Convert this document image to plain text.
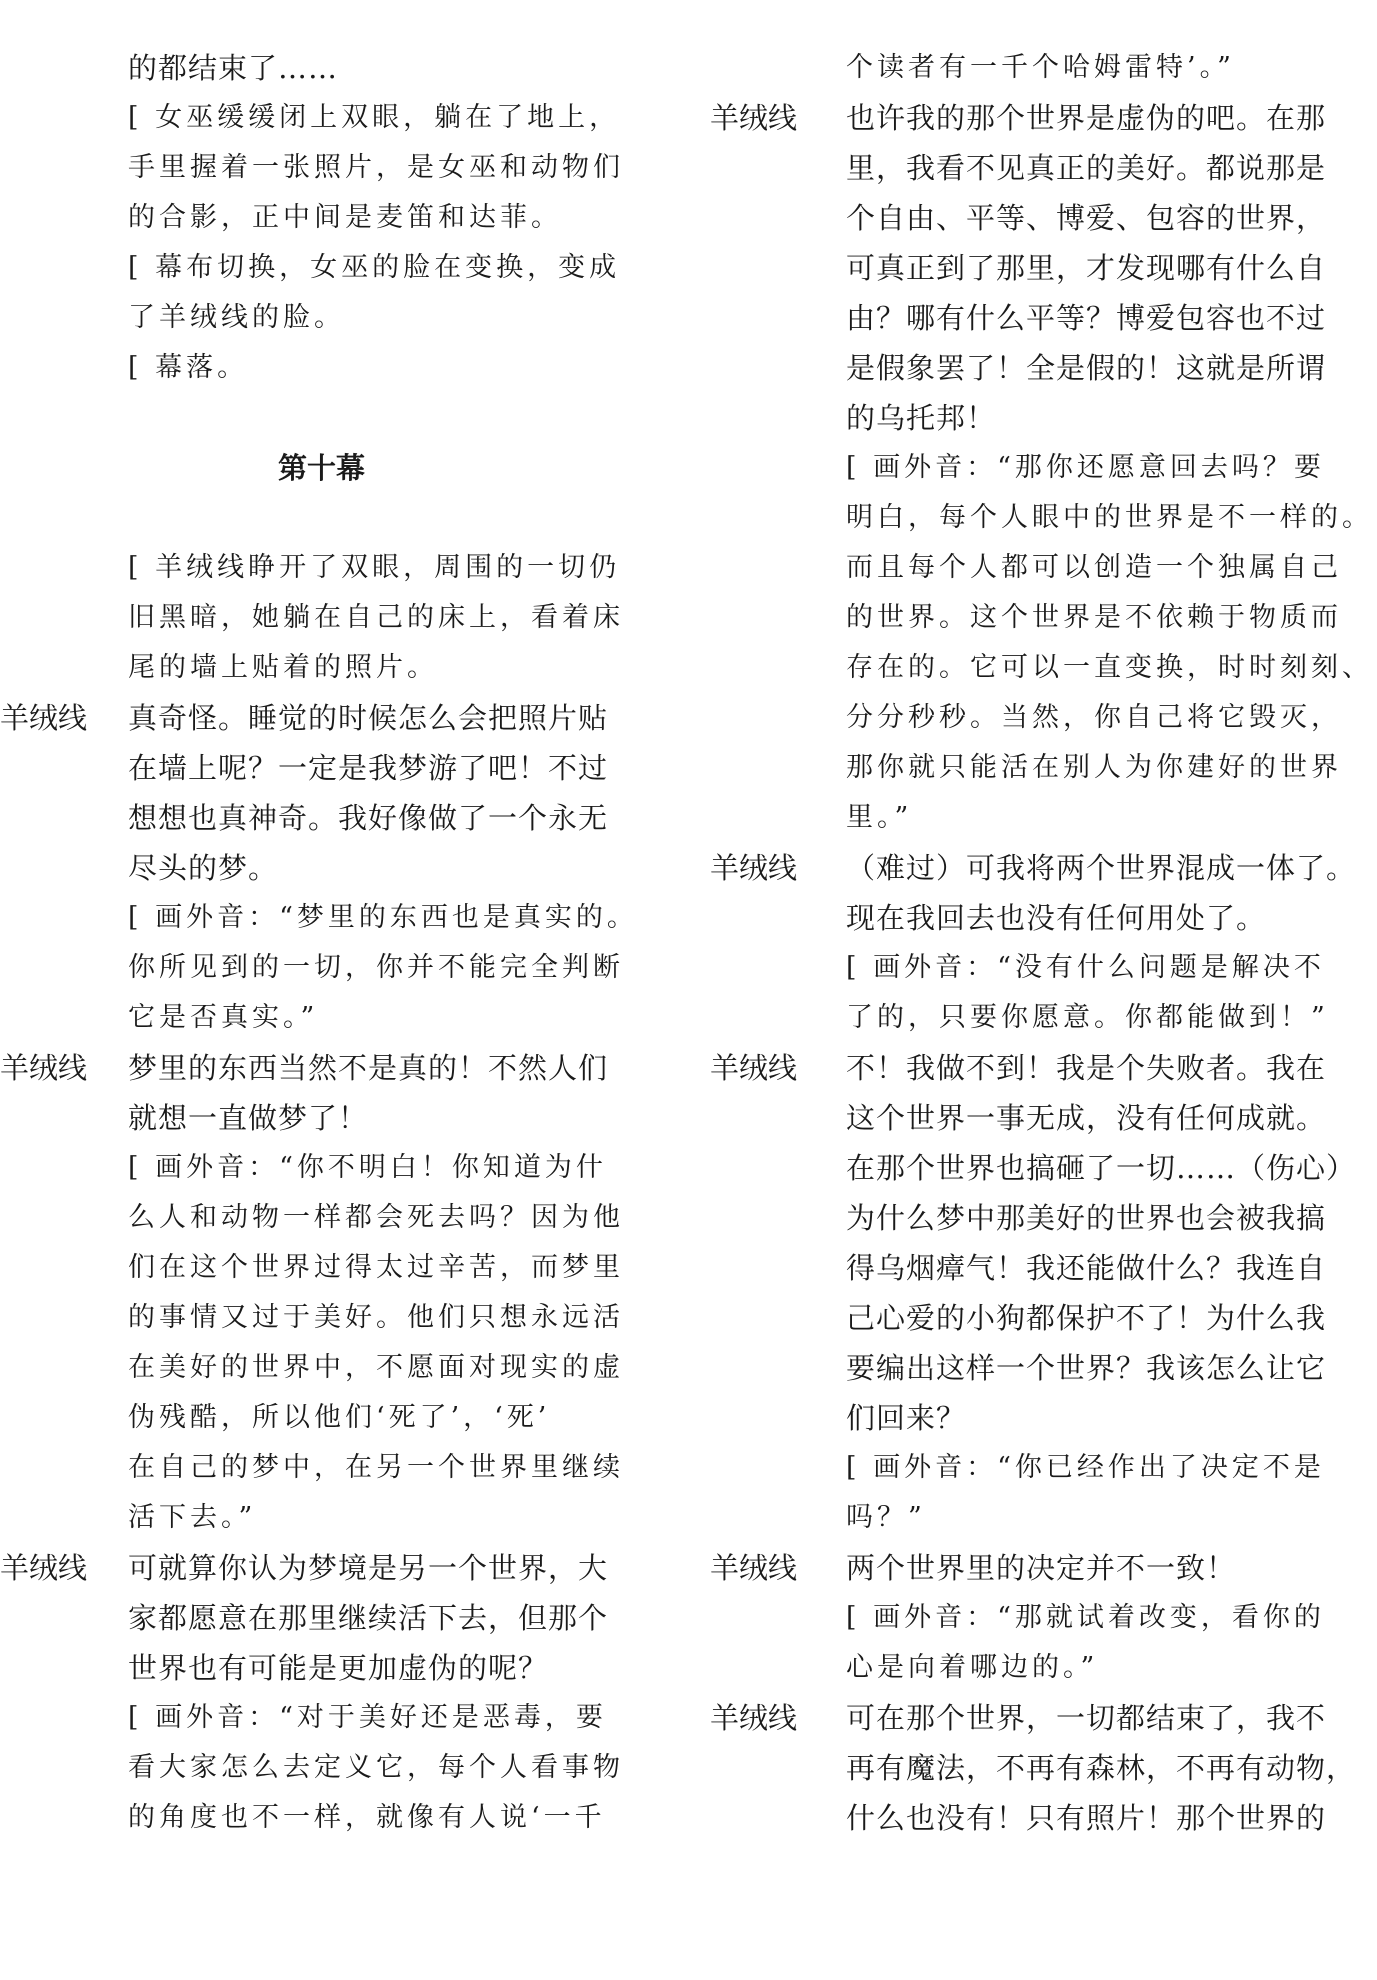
的都结束了……
[ 女巫缓缓闭上双眼，躺在了地上，
手里握着一张照片，是女巫和动物们
的合影，正中间是麦笛和达菲。
[ 幕布切换，女巫的脸在变换，变成
了羊绒线的脸。
[ 幕落。
第十幕
[ 羊绒线睁开了双眼，周围的一切仍
旧黑暗，她躺在自己的床上，看着床
尾的墙上贴着的照片。
羊绒线 真奇怪。睡觉的时候怎么会把照片贴
在墙上呢？一定是我梦游了吧！不过
想想也真神奇。我好像做了一个永无
尽头的梦。
[ 画外音：“梦里的东西也是真实的。
你所见到的一切，你并不能完全判断
它是否真实。”
羊绒线 梦里的东西当然不是真的！不然人们
就想一直做梦了！
[ 画外音：“你不明白！你知道为什
么人和动物一样都会死去吗？因为他
们在这个世界过得太过辛苦，而梦里
的事情又过于美好。他们只想永远活
在美好的世界中，不愿面对现实的虚
伪残酷，所以他们‘死了’，‘死’
在自己的梦中，在另一个世界里继续
活下去。”
羊绒线 可就算你认为梦境是另一个世界，大
家都愿意在那里继续活下去，但那个
世界也有可能是更加虚伪的呢？
[ 画外音：“对于美好还是恶毒，要
看大家怎么去定义它，每个人看事物
的角度也不一样，就像有人说‘一千
个读者有一千个哈姆雷特’。”
羊绒线 也许我的那个世界是虚伪的吧。在那
里，我看不见真正的美好。都说那是
个自由、平等、博爱、包容的世界，
可真正到了那里，才发现哪有什么自
由？哪有什么平等？博爱包容也不过
是假象罢了！全是假的！这就是所谓
的乌托邦！
[ 画外音：“那你还愿意回去吗？要
明白，每个人眼中的世界是不一样的。
而且每个人都可以创造一个独属自己
的世界。这个世界是不依赖于物质而
存在的。它可以一直变换，时时刻刻、
分分秒秒。当然，你自己将它毁灭，
那你就只能活在别人为你建好的世界
里。”
羊绒线 （难过）可我将两个世界混成一体了。
现在我回去也没有任何用处了。
[ 画外音：“没有什么问题是解决不
了的，只要你愿意。你都能做到！”
羊绒线 不！我做不到！我是个失败者。我在
这个世界一事无成，没有任何成就。
在那个世界也搞砸了一切……（伤心）
为什么梦中那美好的世界也会被我搞
得乌烟瘴气！我还能做什么？我连自
己心爱的小狗都保护不了！为什么我
要编出这样一个世界？我该怎么让它
们回来？
[ 画外音：“你已经作出了决定不是
吗？”
羊绒线 两个世界里的决定并不一致！
[ 画外音：“那就试着改变，看你的
心是向着哪边的。”
羊绒线 可在那个世界，一切都结束了，我不
再有魔法，不再有森林，不再有动物，
什么也没有！只有照片！那个世界的
